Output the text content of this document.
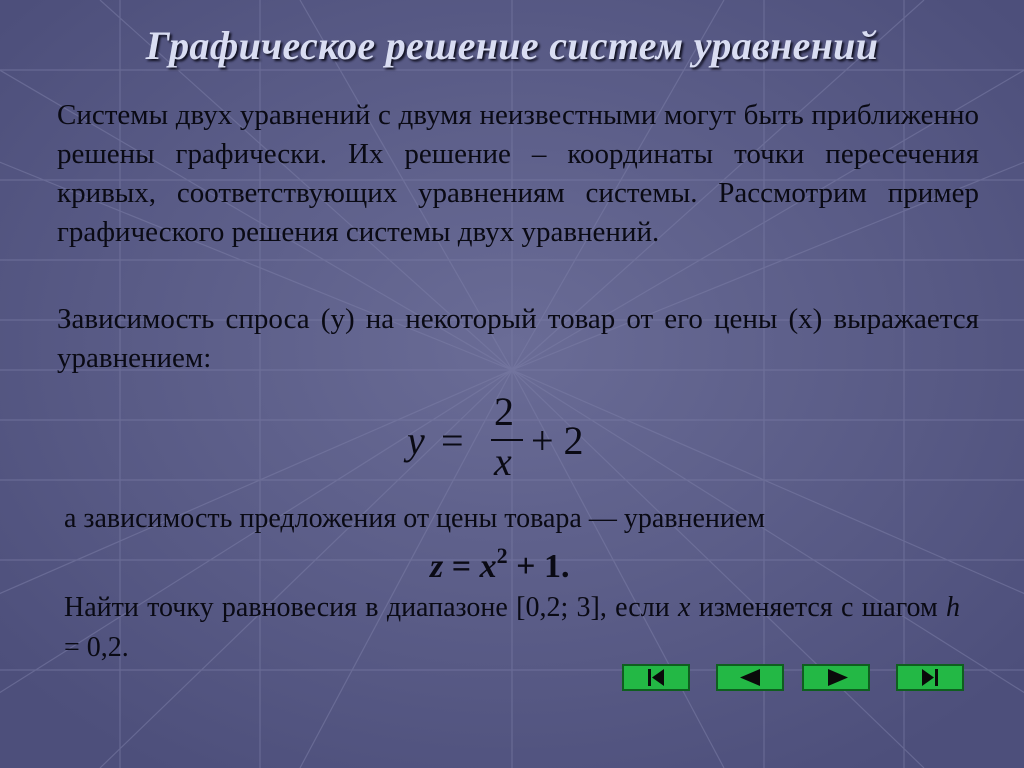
Графическое решение систем уравнений
Системы двух уравнений с двумя неизвестными могут быть приближенно решены графически. Их решение – координаты точки пересечения кривых, соответствующих уравнениям системы. Рассмотрим пример графического решения системы двух уравнений.
Зависимость спроса (у) на некоторый товар от его цены (х) выражается уравнением:
y =
2
x + 2
а зависимость предложения от цены товара — уравнением
$z = x^2 + 1$.
Найти точку равновесия в диапазоне [0,2; 3], если x изменяется с шагом h = 0,2.
